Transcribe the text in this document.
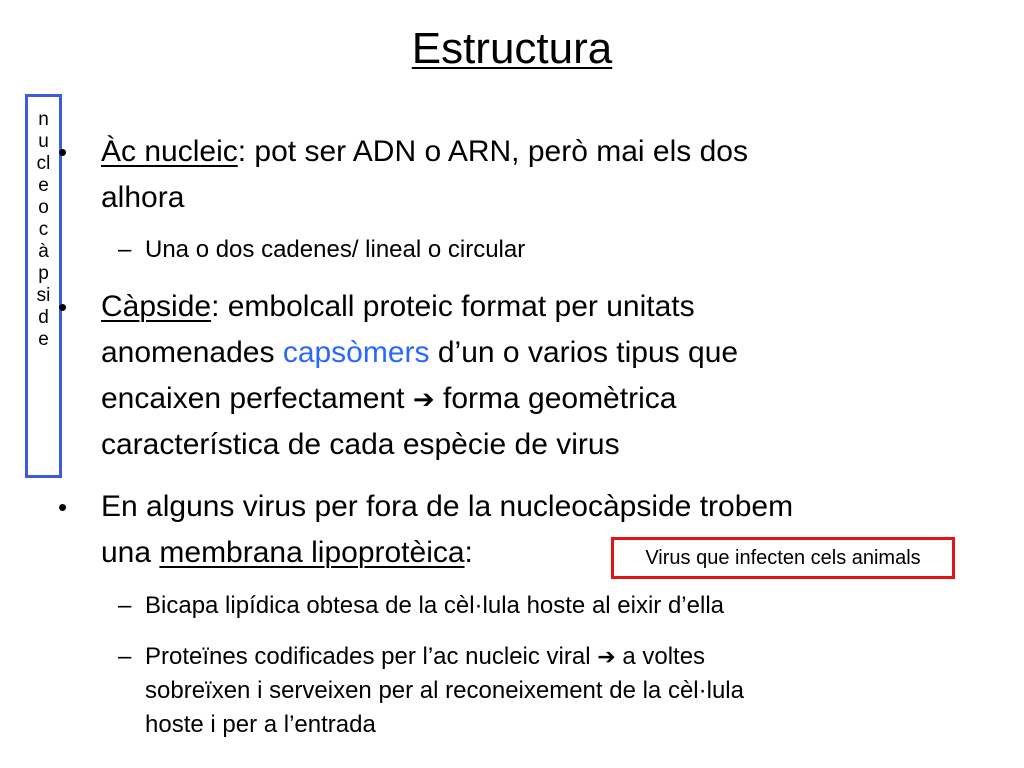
Estructura
n
u
cl
e
o
c
à
p
si
d
e
• Àc nucleic: pot ser ADN o ARN, però mai els dos
alhora
– Una o dos cadenes/ lineal o circular
• Càpside: embolcall proteic format per unitats
anomenades capsòmers d’un o varios tipus que
encaixen perfectament ➔ forma geomètrica
característica de cada espècie de virus
• En alguns virus per fora de la nucleocàpside trobem
una membrana lipoprotèica:	Virus que infecten cels animals
– Bicapa lipídica obtesa de la cèl·lula hoste al eixir d’ella
– Proteïnes codificades per l’ac nucleic viral ➔ a voltes
sobreïxen i serveixen per al reconeixement de la cèl·lula
hoste i per a l’entrada
